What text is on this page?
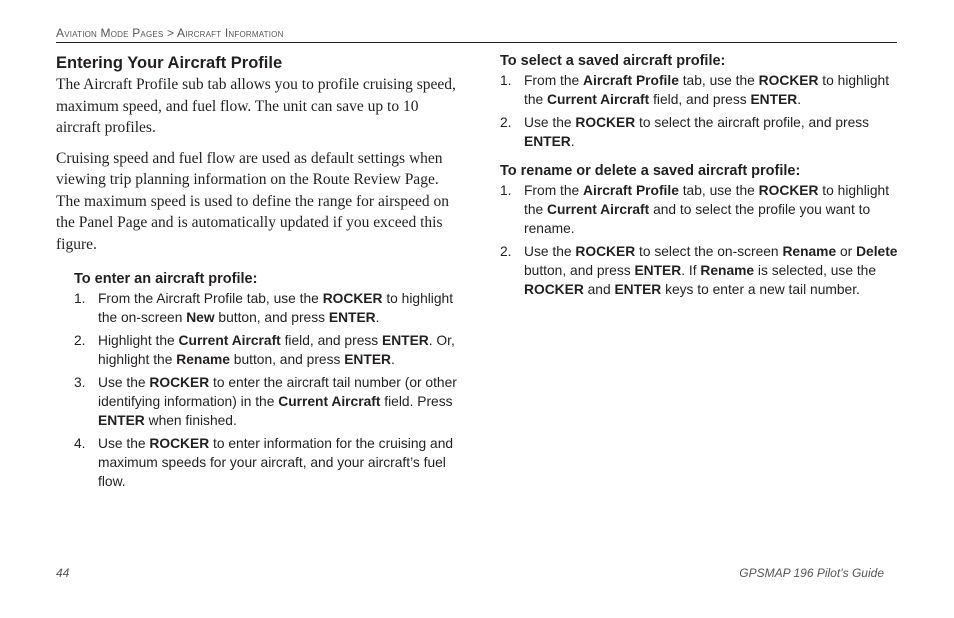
Aviation Mode Pages > Aircraft Information
Entering Your Aircraft Profile

The Aircraft Profile sub tab allows you to profile cruising speed, maximum speed, and fuel flow. The unit can save up to 10 aircraft profiles.

Cruising speed and fuel flow are used as default settings when viewing trip planning information on the Route Review Page. The maximum speed is used to define the range for airspeed on the Panel Page and is automatically updated if you exceed this figure.

To enter an aircraft profile:
1. From the Aircraft Profile tab, use the ROCKER to highlight the on-screen New button, and press ENTER.
2. Highlight the Current Aircraft field, and press ENTER. Or, highlight the Rename button, and press ENTER.
3. Use the ROCKER to enter the aircraft tail number (or other identifying information) in the Current Aircraft field. Press ENTER when finished.
4. Use the ROCKER to enter information for the cruising and maximum speeds for your aircraft, and your aircraft’s fuel flow.
To select a saved aircraft profile:
1. From the Aircraft Profile tab, use the ROCKER to highlight the Current Aircraft field, and press ENTER.
2. Use the ROCKER to select the aircraft profile, and press ENTER.
To rename or delete a saved aircraft profile:
1. From the Aircraft Profile tab, use the ROCKER to highlight the Current Aircraft and to select the profile you want to rename.
2. Use the ROCKER to select the on-screen Rename or Delete button, and press ENTER. If Rename is selected, use the ROCKER and ENTER keys to enter a new tail number.
44	GPSMAP 196 Pilot’s Guide
